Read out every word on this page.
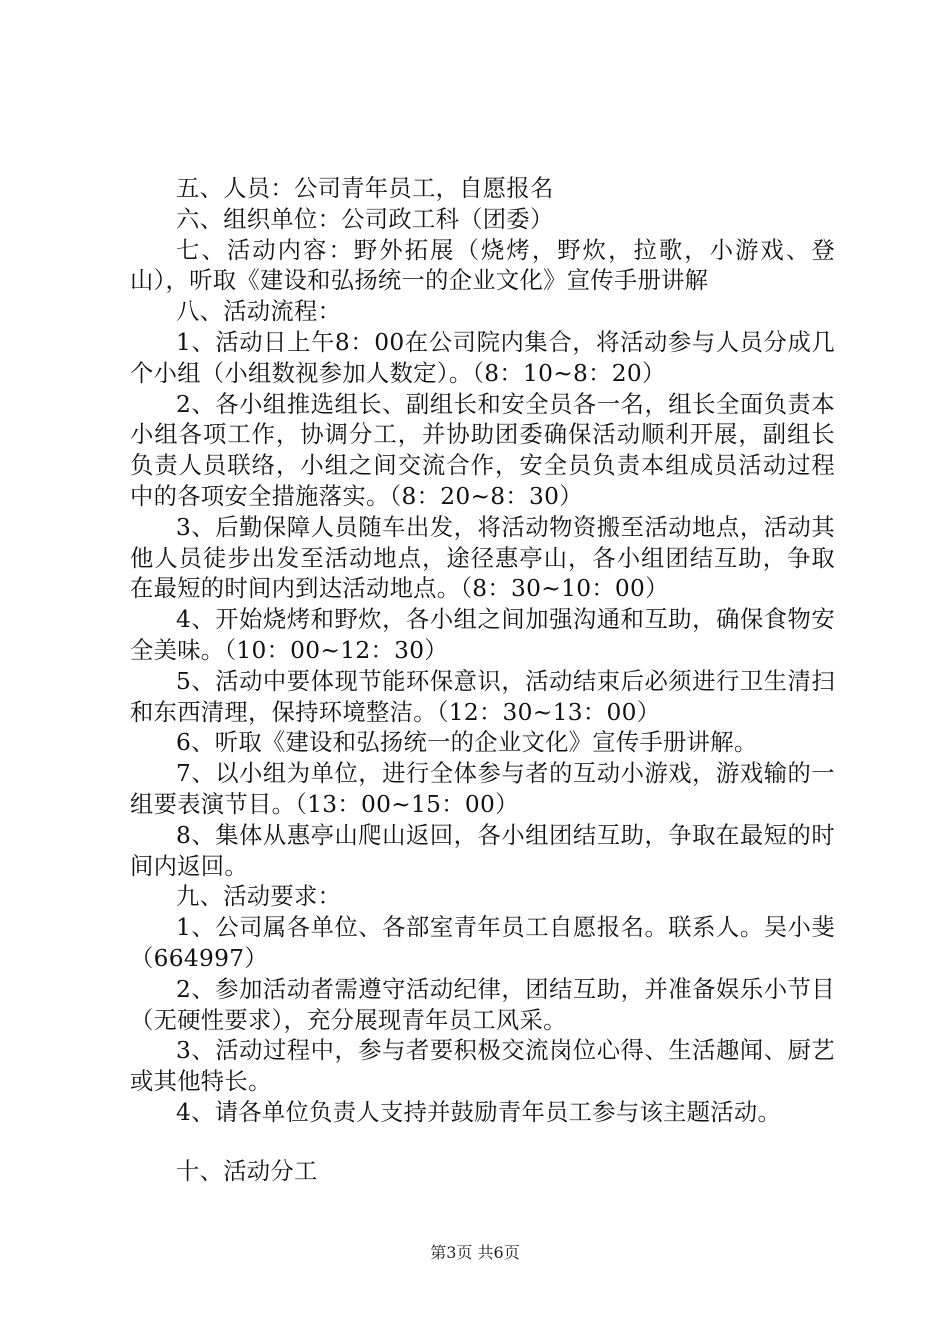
五、人员：公司青年员工，自愿报名

六、组织单位：公司政工科（团委）

七、活动内容：野外拓展（烧烤，野炊，拉歌，小游戏、登山），听取《建设和弘扬统一的企业文化》宣传手册讲解

八、活动流程：

1、活动日上午8：00在公司院内集合，将活动参与人员分成几个小组（小组数视参加人数定）。（8：10~8：20）

2、各小组推选组长、副组长和安全员各一名，组长全面负责本小组各项工作，协调分工，并协助团委确保活动顺利开展，副组长负责人员联络，小组之间交流合作，安全员负责本组成员活动过程中的各项安全措施落实。（8：20~8：30）

3、后勤保障人员随车出发，将活动物资搬至活动地点，活动其他人员徒步出发至活动地点，途径惠亭山，各小组团结互助，争取在最短的时间内到达活动地点。（8：30~10：00）

4、开始烧烤和野炊，各小组之间加强沟通和互助，确保食物安全美味。（10：00~12：30）

5、活动中要体现节能环保意识，活动结束后必须进行卫生清扫和东西清理，保持环境整洁。（12：30~13：00）

6、听取《建设和弘扬统一的企业文化》宣传手册讲解。

7、以小组为单位，进行全体参与者的互动小游戏，游戏输的一组要表演节目。（13：00~15：00）

8、集体从惠亭山爬山返回，各小组团结互助，争取在最短的时间内返回。

九、活动要求：

1、公司属各单位、各部室青年员工自愿报名。联系人。吴小斐（664997）

2、参加活动者需遵守活动纪律，团结互助，并准备娱乐小节目（无硬性要求），充分展现青年员工风采。

3、活动过程中，参与者要积极交流岗位心得、生活趣闻、厨艺或其他特长。

4、请各单位负责人支持并鼓励青年员工参与该主题活动。

十、活动分工

第3页 共6页
